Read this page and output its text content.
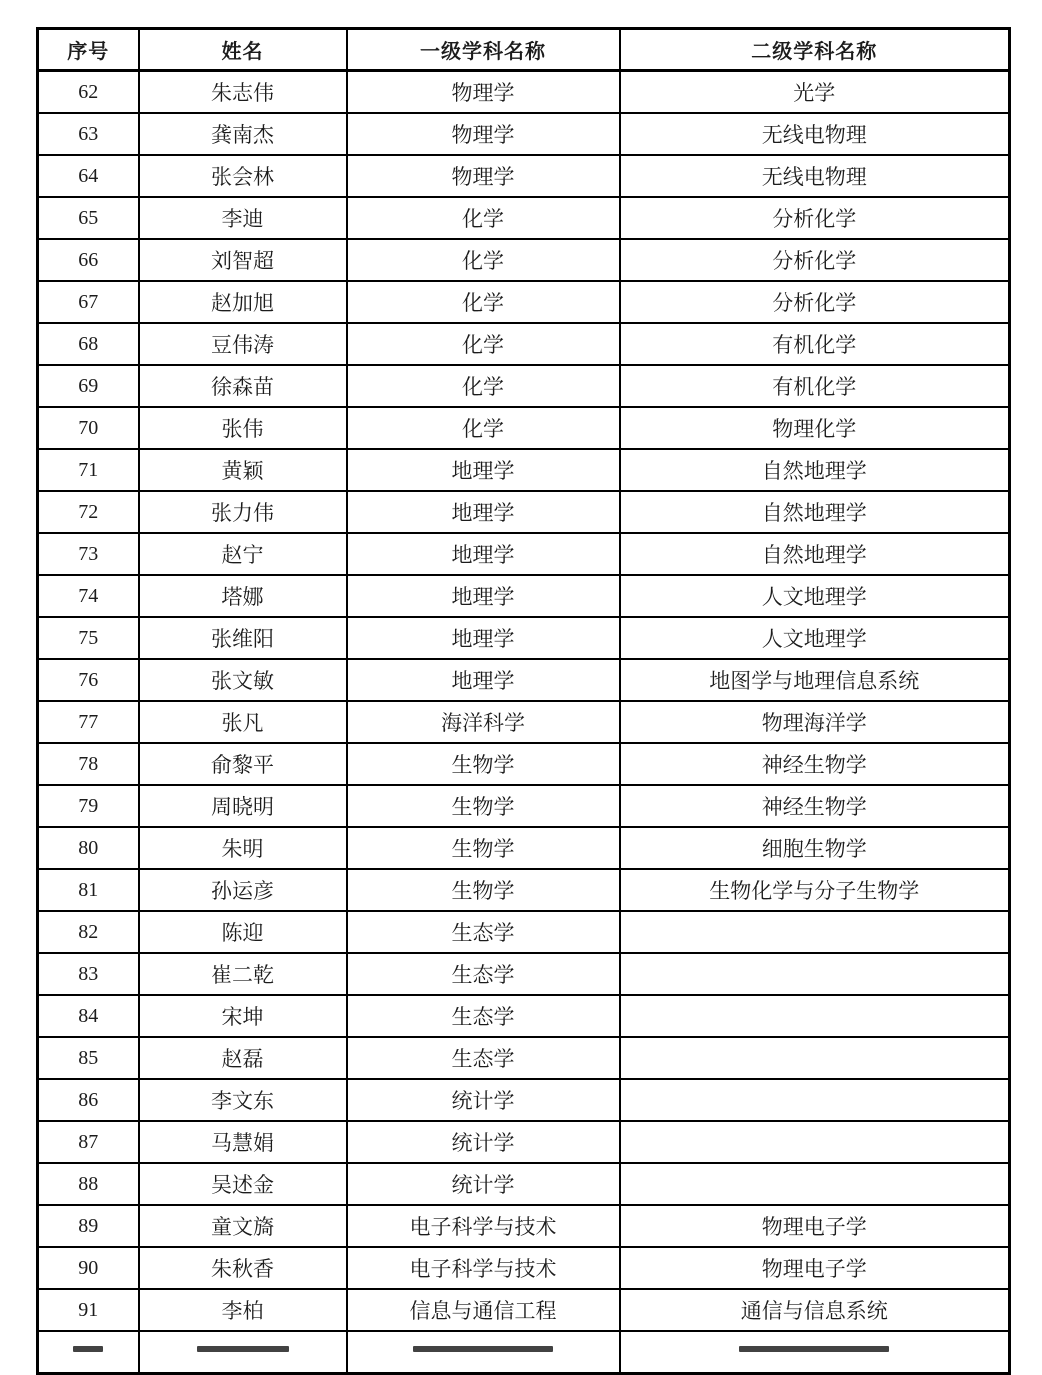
序号	姓名	一级学科名称	二级学科名称
62	朱志伟	物理学	光学
63	龚南杰	物理学	无线电物理
64	张会林	物理学	无线电物理
65	李迪	化学	分析化学
66	刘智超	化学	分析化学
67	赵加旭	化学	分析化学
68	豆伟涛	化学	有机化学
69	徐森苗	化学	有机化学
70	张伟	化学	物理化学
71	黄颖	地理学	自然地理学
72	张力伟	地理学	自然地理学
73	赵宁	地理学	自然地理学
74	塔娜	地理学	人文地理学
75	张维阳	地理学	人文地理学
76	张文敏	地理学	地图学与地理信息系统
77	张凡	海洋科学	物理海洋学
78	俞黎平	生物学	神经生物学
79	周晓明	生物学	神经生物学
80	朱明	生物学	细胞生物学
81	孙运彦	生物学	生物化学与分子生物学
82	陈迎	生态学	
83	崔二乾	生态学	
84	宋坤	生态学	
85	赵磊	生态学	
86	李文东	统计学	
87	马慧娟	统计学	
88	吴述金	统计学	
89	童文旖	电子科学与技术	物理电子学
90	朱秋香	电子科学与技术	物理电子学
91	李柏	信息与通信工程	通信与信息系统
